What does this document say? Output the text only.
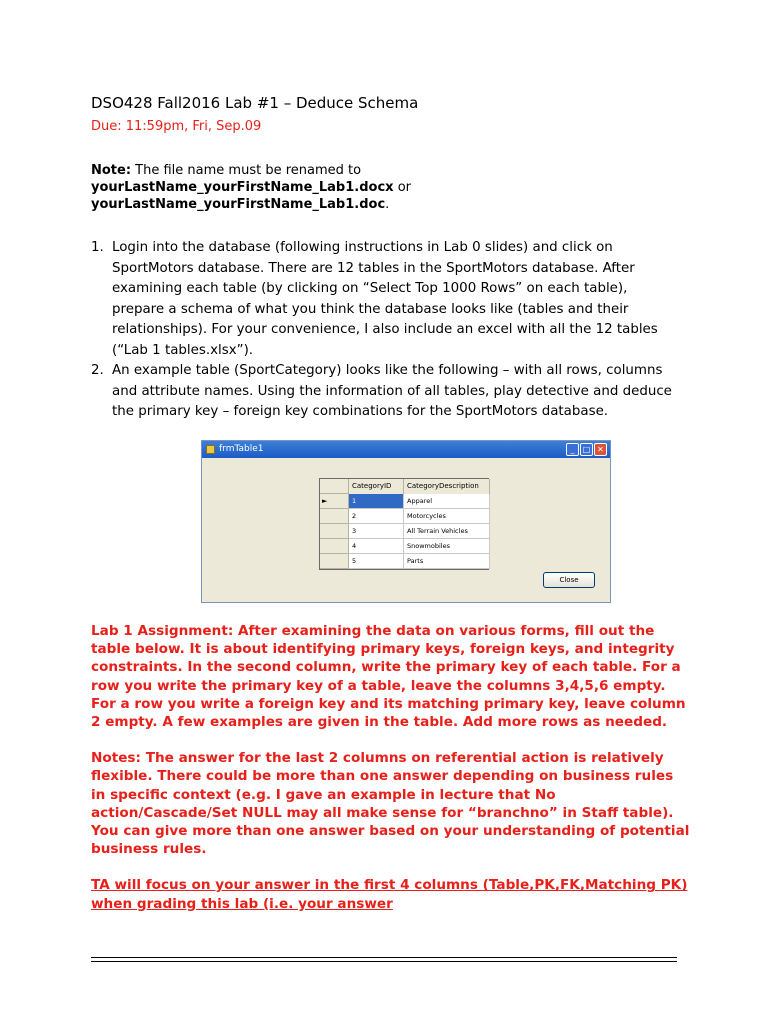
DSO428 Fall2016 Lab #1 – Deduce Schema
Due: 11:59pm, Fri, Sep.09
Note: The file name must be renamed to
yourLastName_yourFirstName_Lab1.docx or
yourLastName_yourFirstName_Lab1.doc.
1. Login into the database (following instructions in Lab 0 slides) and click on SportMotors database. There are 12 tables in the SportMotors database. After examining each table (by clicking on “Select Top 1000 Rows” on each table), prepare a schema of what you think the database looks like (tables and their relationships). For your convenience, I also include an excel with all the 12 tables (“Lab 1 tables.xlsx”).
2. An example table (SportCategory) looks like the following – with all rows, columns and attribute names. Using the information of all tables, play detective and deduce the primary key – foreign key combinations for the SportMotors database.
frmTable1	_	□ ✕
CategoryID	CategoryDescription
►	1	Apparel
2	Motorcycles
3	All Terrain Vehicles
4	Snowmobiles
5	Parts
Close

Lab 1 Assignment: After examining the data on various forms, fill out the table below. It is about identifying primary keys, foreign keys, and integrity constraints. In the second column, write the primary key of each table. For a row you write the primary key of a table, leave the columns 3,4,5,6 empty. For a row you write a foreign key and its matching primary key, leave column 2 empty. A few examples are given in the table. Add more rows as needed.

Notes: The answer for the last 2 columns on referential action is relatively flexible. There could be more than one answer depending on business rules in specific context (e.g. I gave an example in lecture that No action/Cascade/Set NULL may all make sense for “branchno” in Staff table). You can give more than one answer based on your understanding of potential business rules.

TA will focus on your answer in the first 4 columns (Table,PK,FK,Matching PK) when grading this lab (i.e. your answer
